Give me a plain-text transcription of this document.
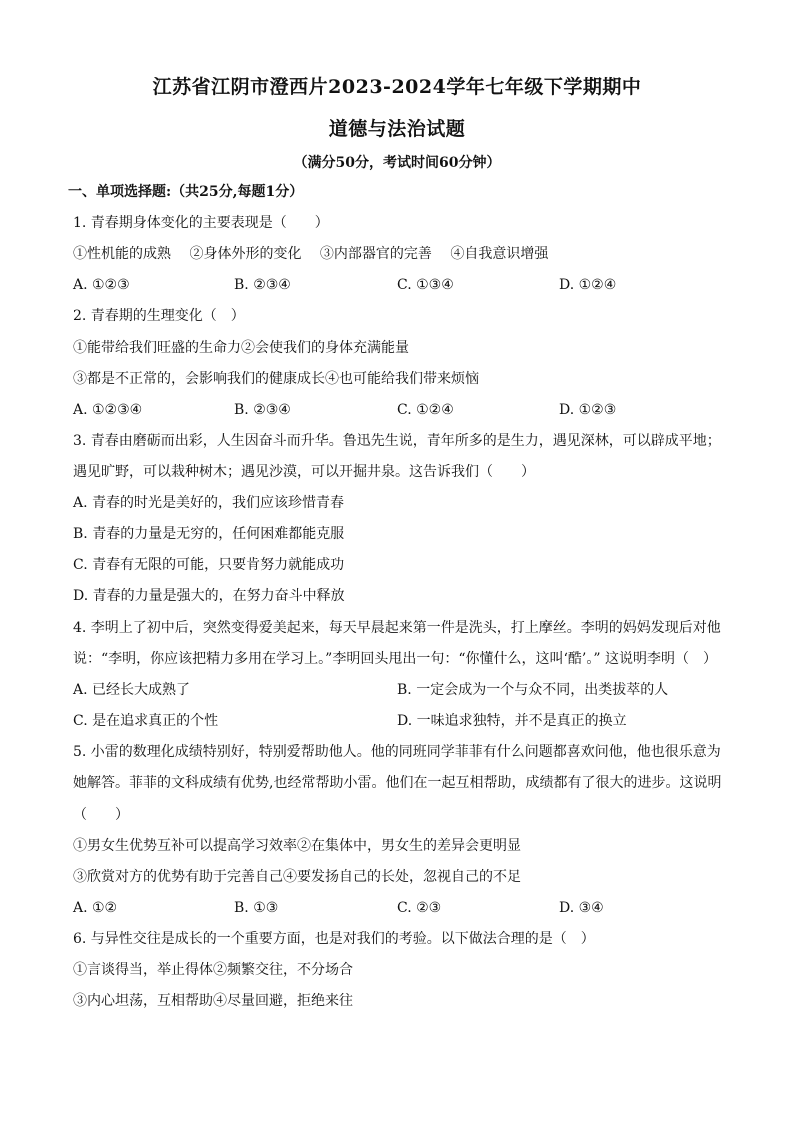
江苏省江阴市澄西片2023-2024学年七年级下学期期中
道德与法治试题
（满分50分，考试时间60分钟）
一、单项选择题:（共25分,每题1分）
1. 青春期身体变化的主要表现是（　　）
①性机能的成熟　 ②身体外形的变化　 ③内部器官的完善　 ④自我意识增强
A. ①②③	B. ②③④	C. ①③④	D. ①②④
2. 青春期的生理变化（　）
①能带给我们旺盛的生命力②会使我们的身体充满能量
③都是不正常的，会影响我们的健康成长④也可能给我们带来烦恼
A. ①②③④	B. ②③④	C. ①②④	D. ①②③
3. 青春由磨砺而出彩，人生因奋斗而升华。鲁迅先生说，青年所多的是生力，遇见深林，可以辟成平地；
遇见旷野，可以栽种树木；遇见沙漠，可以开掘井泉。这告诉我们（　　）
A. 青春的时光是美好的，我们应该珍惜青春
B. 青春的力量是无穷的，任何困难都能克服
C. 青春有无限的可能，只要肯努力就能成功
D. 青春的力量是强大的，在努力奋斗中释放
4. 李明上了初中后，突然变得爱美起来，每天早晨起来第一件是洗头，打上摩丝。李明的妈妈发现后对他
说：“李明，你应该把精力多用在学习上。”李明回头甩出一句：“你懂什么，这叫‘酷’。” 这说明李明（　）
A. 已经长大成熟了	B. 一定会成为一个与众不同，出类拔萃的人
C. 是在追求真正的个性	D. 一味追求独特，并不是真正的换立
5. 小雷的数理化成绩特别好，特别爱帮助他人。他的同班同学菲菲有什么问题都喜欢问他，他也很乐意为
她解答。菲菲的文科成绩有优势,也经常帮助小雷。他们在一起互相帮助，成绩都有了很大的进步。这说明
（　　）
①男女生优势互补可以提高学习效率②在集体中，男女生的差异会更明显
③欣赏对方的优势有助于完善自己④要发扬自己的长处，忽视自己的不足
A. ①②	B. ①③	C. ②③	D. ③④
6. 与异性交往是成长的一个重要方面，也是对我们的考验。以下做法合理的是（　）
①言谈得当，举止得体②频繁交往，不分场合
③内心坦荡，互相帮助④尽量回避，拒绝来往
